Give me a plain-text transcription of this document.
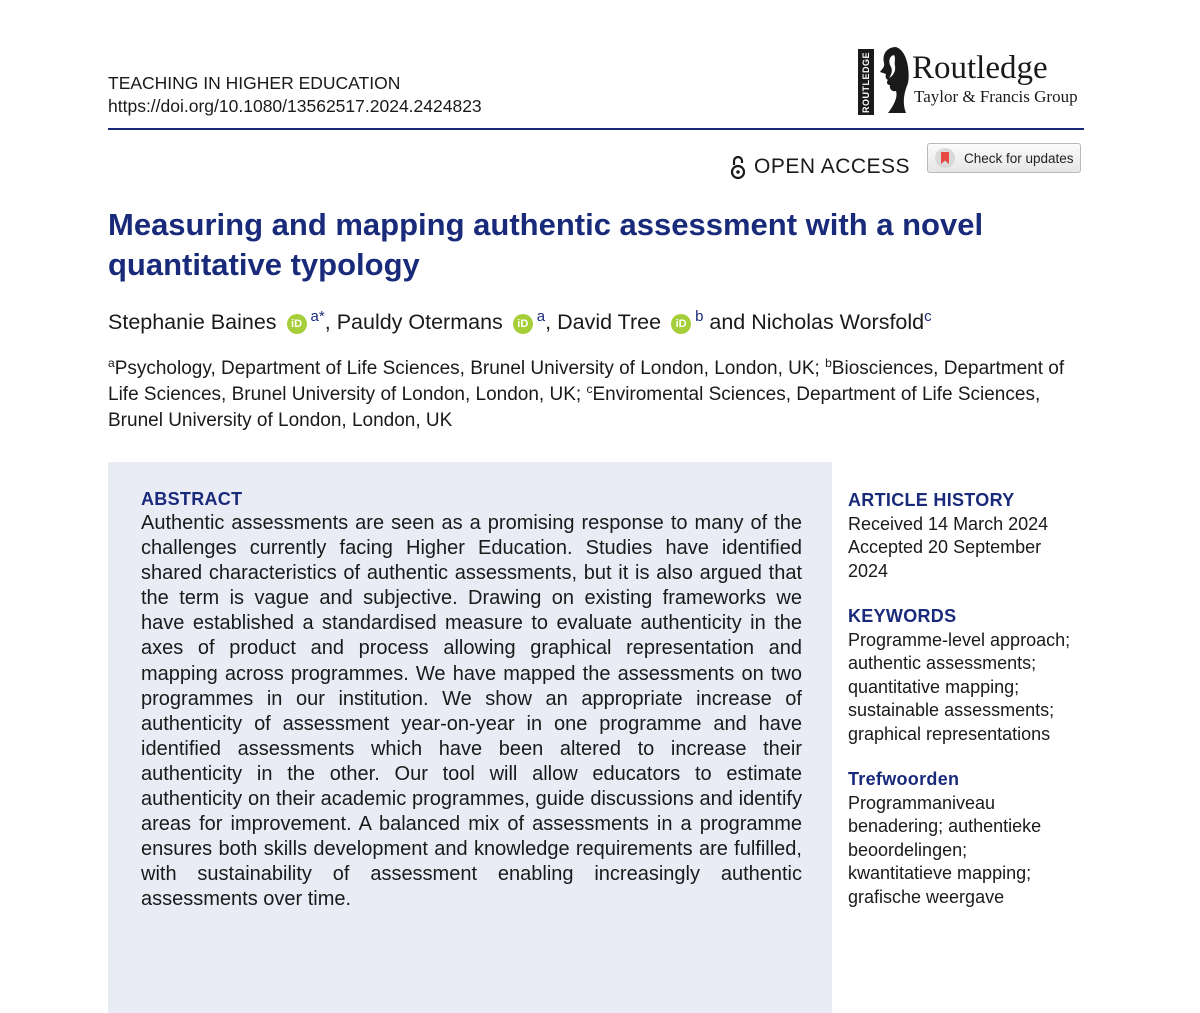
TEACHING IN HIGHER EDUCATION
https://doi.org/10.1080/13562517.2024.2424823	ROUTLEDGE Routledge
Taylor & Francis Group
OPEN ACCESS	Check for updates
Measuring and mapping authentic assessment with a novel quantitative typology
Stephanie Baines iD $^{a*}$, Pauldy Otermans iD $^a$, David Tree iD $^b$ and Nicholas Worsfold$^c$
$^a$Psychology, Department of Life Sciences, Brunel University of London, London, UK; $^b$Biosciences, Department of Life Sciences, Brunel University of London, London, UK; $^c$Enviromental Sciences, Department of Life Sciences, Brunel University of London, London, UK
ABSTRACT

Authentic assessments are seen as a promising response to many of the challenges currently facing Higher Education. Studies have identified shared characteristics of authentic assessments, but it is also argued that the term is vague and subjective. Drawing on existing frameworks we have established a standardised measure to evaluate authenticity in the axes of product and process allowing graphical representation and mapping across programmes. We have mapped the assessments on two programmes in our institution. We show an appropriate increase of authenticity of assessment year-on-year in one programme and have identified assessments which have been altered to increase their authenticity in the other. Our tool will allow educators to estimate authenticity on their academic programmes, guide discussions and identify areas for improvement. A balanced mix of assessments in a programme ensures both skills development and knowledge requirements are fulfilled, with sustainability of assessment enabling increasingly authentic assessments over time.

ARTICLE HISTORY
Received 14 March 2024
Accepted 20 September 2024
KEYWORDS
Programme-level approach;
authentic assessments;
quantitative mapping;
sustainable assessments;
graphical representations
Trefwoorden
Programmaniveau
benadering; authentieke
beoordelingen;
kwantitatieve mapping;
grafische weergave
